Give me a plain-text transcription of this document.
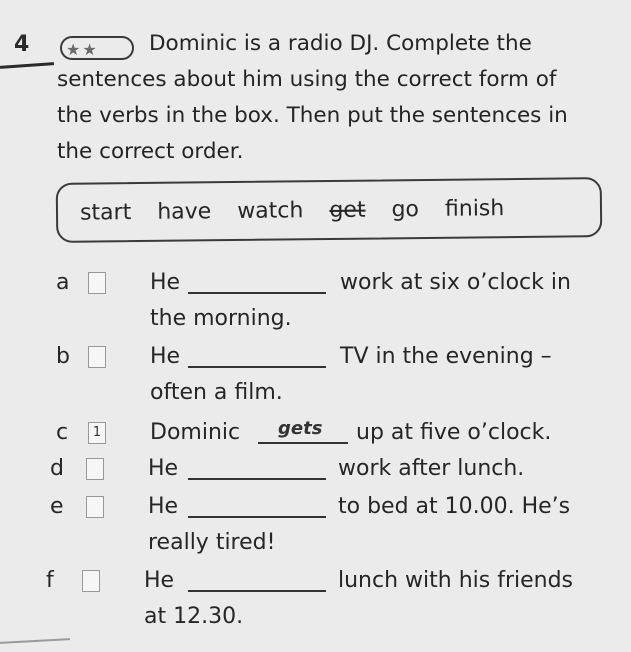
4	★★	Dominic is a radio DJ. Complete the
sentences about him using the correct form of
the verbs in the box. Then put the sentences in
the correct order.
start have watch get go finish
a	He	work at six o’clock in
the morning.
b	He	TV in the evening –
often a film.
c	1 Dominic gets up at five o’clock.
d	He	work after lunch.
e	He	to bed at 10.00. He’s
really tired!
f	He	lunch with his friends
at 12.30.
